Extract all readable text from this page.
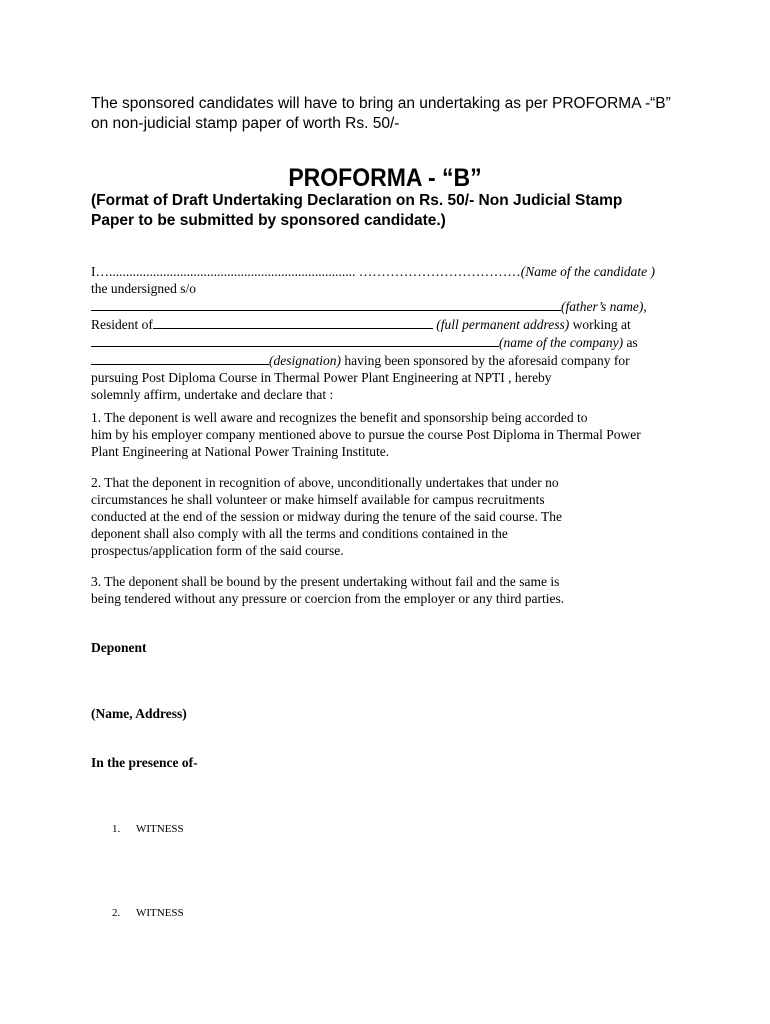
The sponsored candidates will have to bring an undertaking as per PROFORMA -“B”
on non-judicial stamp paper of worth Rs. 50/-
PROFORMA - “B”
(Format of Draft Undertaking Declaration on Rs. 50/- Non Judicial Stamp
Paper to be submitted by sponsored candidate.)
I…......................................................................... ………………………………(Name of the candidate )
the undersigned s/o
(father’s name),
Resident of	(full permanent address) working at
(name of the company) as
(designation) having been sponsored by the aforesaid company for
pursuing Post Diploma Course in Thermal Power Plant Engineering at NPTI , hereby
solemnly affirm, undertake and declare that :
1. The deponent is well aware and recognizes the benefit and sponsorship being accorded to
him by his employer company mentioned above to pursue the course Post Diploma in Thermal Power
Plant Engineering at National Power Training Institute.
2. That the deponent in recognition of above, unconditionally undertakes that under no
circumstances he shall volunteer or make himself available for campus recruitments
conducted at the end of the session or midway during the tenure of the said course. The
deponent shall also comply with all the terms and conditions contained in the
prospectus/application form of the said course.
3. The deponent shall be bound by the present undertaking without fail and the same is
being tendered without any pressure or coercion from the employer or any third parties.
Deponent
(Name, Address)
In the presence of-
1. WITNESS
2. WITNESS
